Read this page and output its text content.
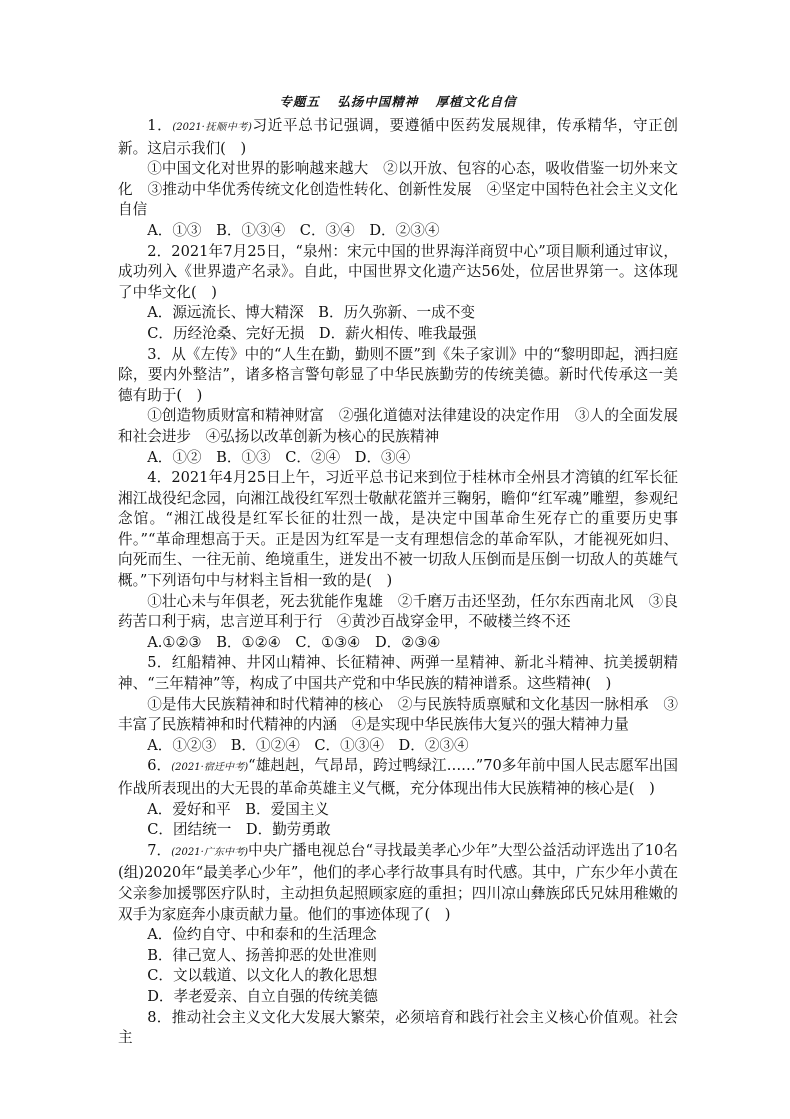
专题五 弘扬中国精神 厚植文化自信

1．(2021·抚顺中考)习近平总书记强调，要遵循中医药发展规律，传承精华，守正创新。这启示我们(　)

①中国文化对世界的影响越来越大　②以开放、包容的心态，吸收借鉴一切外来文化　③推动中华优秀传统文化创造性转化、创新性发展　④坚定中国特色社会主义文化自信

A．①③　B．①③④　C．③④　D．②③④

2．2021年7月25日，“泉州：宋元中国的世界海洋商贸中心”项目顺利通过审议，成功列入《世界遗产名录》。自此，中国世界文化遗产达56处，位居世界第一。这体现了中华文化(　)

A．源远流长、博大精深　B．历久弥新、一成不变

C．历经沧桑、完好无损　D．薪火相传、唯我最强

3．从《左传》中的“人生在勤，勤则不匮”到《朱子家训》中的“黎明即起，洒扫庭除，要内外整洁”，诸多格言警句彰显了中华民族勤劳的传统美德。新时代传承这一美德有助于(　)

①创造物质财富和精神财富　②强化道德对法律建设的决定作用　③人的全面发展和社会进步　④弘扬以改革创新为核心的民族精神

A．①②　B．①③　C．②④　D．③④

4．2021年4月25日上午，习近平总书记来到位于桂林市全州县才湾镇的红军长征湘江战役纪念园，向湘江战役红军烈士敬献花篮并三鞠躬，瞻仰“红军魂”雕塑，参观纪念馆。“湘江战役是红军长征的壮烈一战，是决定中国革命生死存亡的重要历史事件。”“革命理想高于天。正是因为红军是一支有理想信念的革命军队，才能视死如归、向死而生、一往无前、绝境重生，迸发出不被一切敌人压倒而是压倒一切敌人的英雄气概。”下列语句中与材料主旨相一致的是(　)

①壮心未与年俱老，死去犹能作鬼雄　②千磨万击还坚劲，任尔东西南北风　③良药苦口利于病，忠言逆耳利于行　④黄沙百战穿金甲，不破楼兰终不还

A.①②③　B．①②④　C．①③④　D．②③④

5．红船精神、井冈山精神、长征精神、两弹一星精神、新北斗精神、抗美援朝精神、“三年精神”等，构成了中国共产党和中华民族的精神谱系。这些精神(　)

①是伟大民族精神和时代精神的核心　②与民族特质禀赋和文化基因一脉相承　③丰富了民族精神和时代精神的内涵　④是实现中华民族伟大复兴的强大精神力量

A．①②③　B．①②④　C．①③④　D．②③④

6．(2021·宿迁中考)“雄赳赳，气昂昂，跨过鸭绿江……”70多年前中国人民志愿军出国作战所表现出的大无畏的革命英雄主义气概，充分体现出伟大民族精神的核心是(　)

A．爱好和平　B．爱国主义

C．团结统一　D．勤劳勇敢

7．(2021·广东中考)中央广播电视总台“寻找最美孝心少年”大型公益活动评选出了10名(组)2020年“最美孝心少年”，他们的孝心孝行故事具有时代感。其中，广东少年小黄在父亲参加援鄂医疗队时，主动担负起照顾家庭的重担；四川凉山彝族邱氏兄妹用稚嫩的双手为家庭奔小康贡献力量。他们的事迹体现了(　)

A．俭约自守、中和泰和的生活理念

B．律己宽人、扬善抑恶的处世准则

C．文以载道、以文化人的教化思想

D．孝老爱亲、自立自强的传统美德

8．推动社会主义文化大发展大繁荣，必须培育和践行社会主义核心价值观。社会主
